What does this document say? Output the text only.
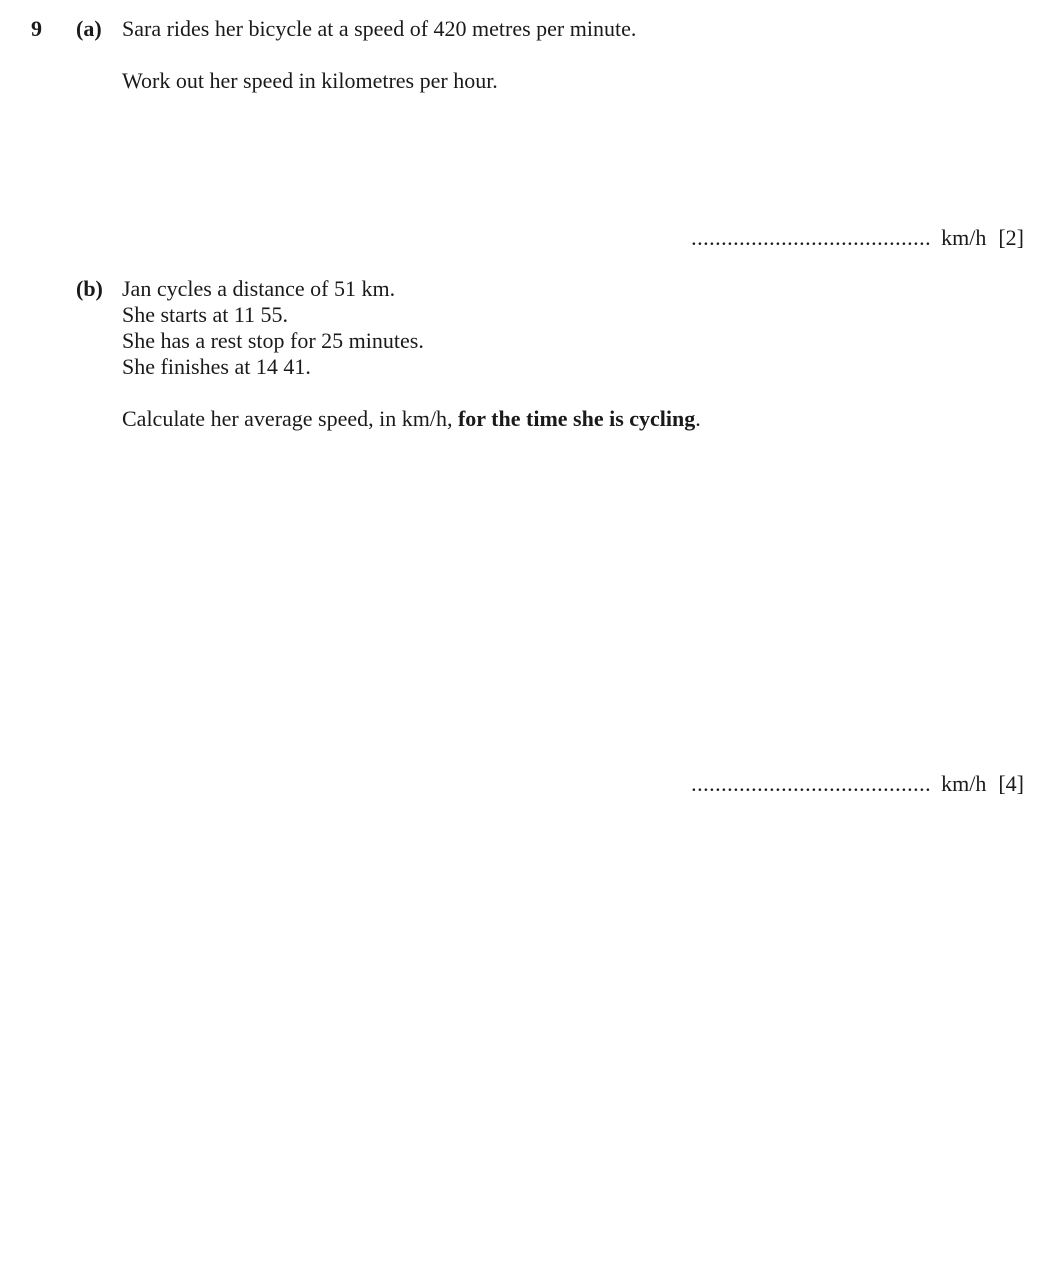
9 (a) Sara rides her bicycle at a speed of 420 metres per minute.
Work out her speed in kilometres per hour.
........................................ km/h [2]
(b) Jan cycles a distance of 51 km.
She starts at 11 55.
She has a rest stop for 25 minutes.
She finishes at 14 41.
Calculate her average speed, in km/h, for the time she is cycling.
........................................ km/h [4]
